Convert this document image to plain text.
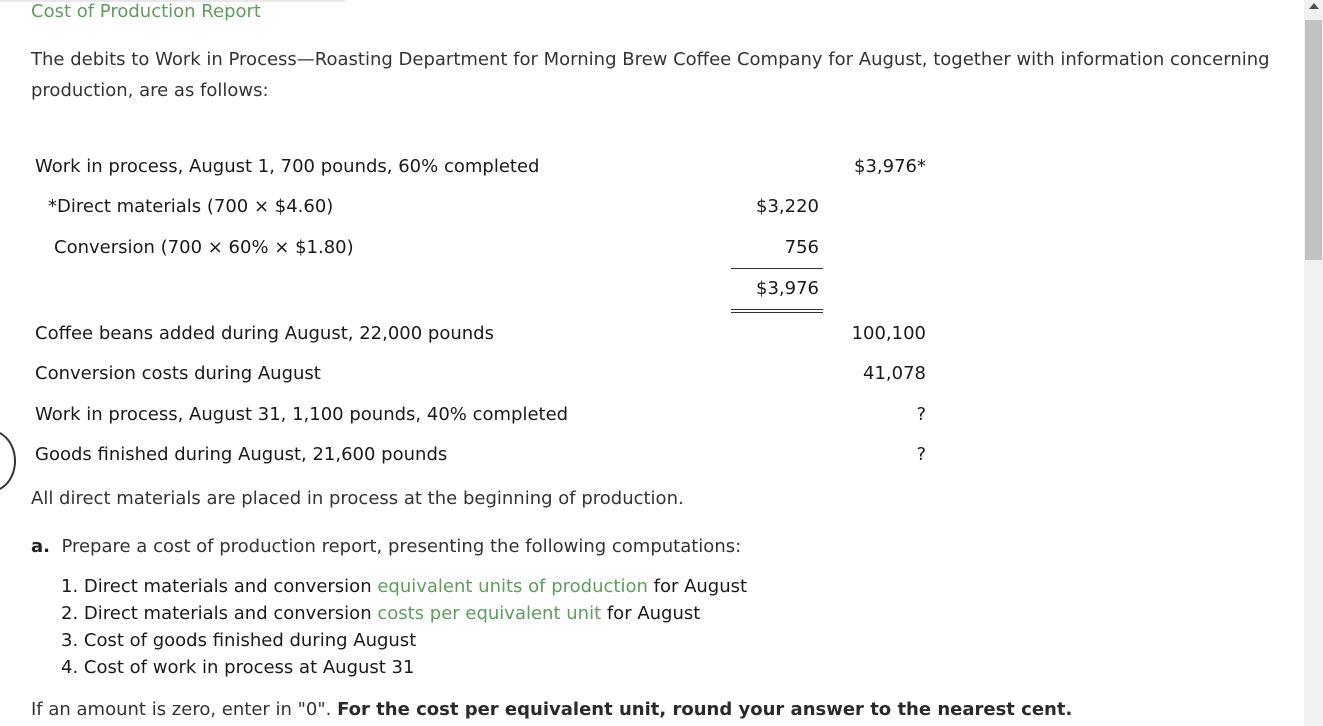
Cost of Production Report
The debits to Work in Process—Roasting Department for Morning Brew Coffee Company for August, together with information concerning production, are as follows:
Work in process, August 1, 700 pounds, 60% completed	$3,976*
*Direct materials (700 × $4.60)	$3,220
Conversion (700 × 60% × $1.80)	756
$3,976
Coffee beans added during August, 22,000 pounds	100,100
Conversion costs during August	41,078
Work in process, August 31, 1,100 pounds, 40% completed	?
Goods finished during August, 21,600 pounds	?
All direct materials are placed in process at the beginning of production.
a. Prepare a cost of production report, presenting the following computations:
1. Direct materials and conversion equivalent units of production for August
2. Direct materials and conversion costs per equivalent unit for August
3. Cost of goods finished during August
4. Cost of work in process at August 31
If an amount is zero, enter in "0". For the cost per equivalent unit, round your answer to the nearest cent.
